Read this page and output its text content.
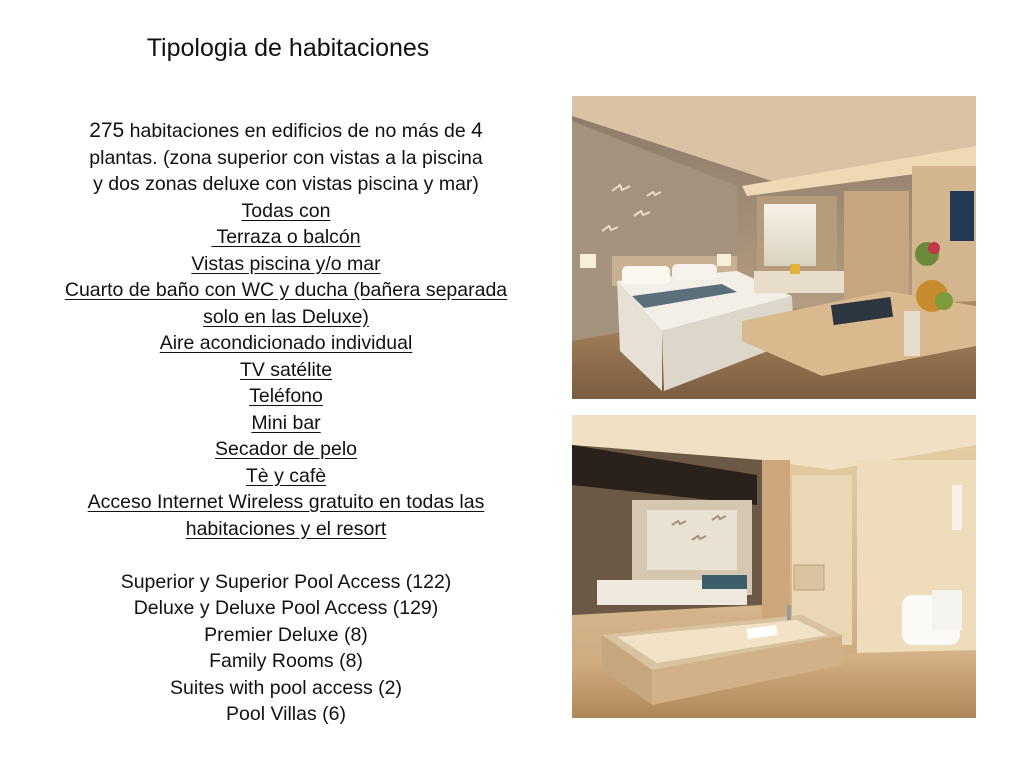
Tipologia de habitaciones
275 habitaciones en edificios de no más de 4
plantas. (zona superior con vistas a la piscina
y dos zonas deluxe con vistas piscina y mar)
Todas con
Terraza o balcón
Vistas piscina y/o mar
Cuarto de baño con WC y ducha (bañera separada
solo en las Deluxe)
Aire acondicionado individual
TV satélite
Teléfono
Mini bar
Secador de pelo
Tè y cafè
Acceso Internet Wireless gratuito en todas las
habitaciones y el resort
Superior y Superior Pool Access (122)
Deluxe y Deluxe Pool Access (129)
Premier Deluxe (8)
Family Rooms (8)
Suites with pool access (2)
Pool Villas (6)
